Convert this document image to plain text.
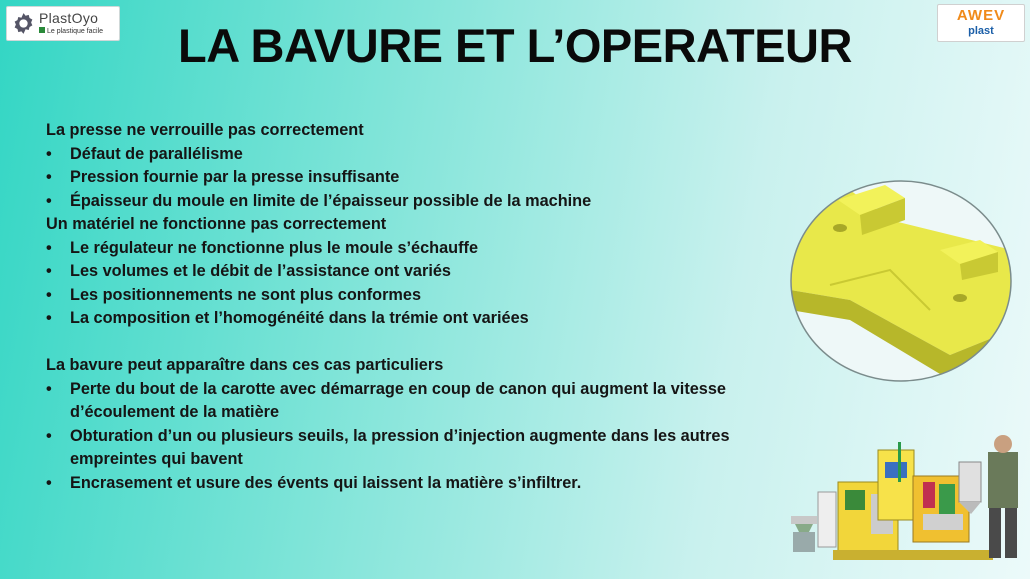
PlastOyo
Le plastique facile
AWEV
plast
LA BAVURE ET L’OPERATEUR
La presse ne verrouille pas correctement
• Défaut de parallélisme
• Pression fournie par la presse insuffisante
• Épaisseur du moule en limite de l’épaisseur possible de la machine
Un matériel ne fonctionne pas correctement
• Le régulateur ne fonctionne plus le moule s’échauffe
• Les volumes et le débit de l’assistance ont variés
• Les positionnements ne sont plus conformes
• La composition et l’homogénéité dans la trémie ont variées
La bavure peut apparaître dans ces cas particuliers
• Perte du bout de la carotte avec démarrage en coup de canon qui augment la vitesse d’écoulement de la matière
• Obturation d’un ou plusieurs seuils, la pression d’injection augmente dans les autres empreintes qui bavent
• Encrasement et usure des évents qui laissent la matière s’infiltrer.
